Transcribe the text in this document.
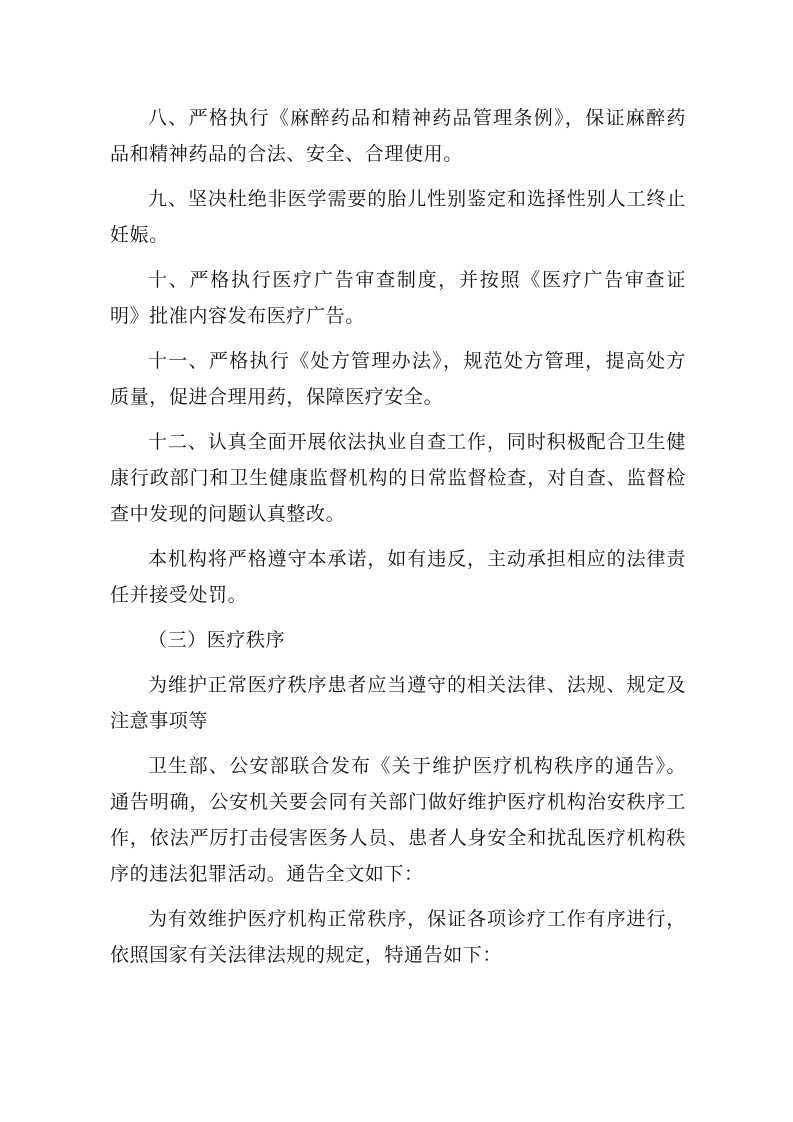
八、严格执行《麻醉药品和精神药品管理条例》，保证麻醉药品和精神药品的合法、安全、合理使用。

九、坚决杜绝非医学需要的胎儿性别鉴定和选择性别人工终止妊娠。

十、严格执行医疗广告审查制度，并按照《医疗广告审查证明》批准内容发布医疗广告。

十一、严格执行《处方管理办法》，规范处方管理，提高处方质量，促进合理用药，保障医疗安全。

十二、认真全面开展依法执业自查工作，同时积极配合卫生健康行政部门和卫生健康监督机构的日常监督检查，对自查、监督检查中发现的问题认真整改。

本机构将严格遵守本承诺，如有违反，主动承担相应的法律责任并接受处罚。

（三）医疗秩序

为维护正常医疗秩序患者应当遵守的相关法律、法规、规定及注意事项等

卫生部、公安部联合发布《关于维护医疗机构秩序的通告》。通告明确，公安机关要会同有关部门做好维护医疗机构治安秩序工作，依法严厉打击侵害医务人员、患者人身安全和扰乱医疗机构秩序的违法犯罪活动。通告全文如下：

为有效维护医疗机构正常秩序，保证各项诊疗工作有序进行，依照国家有关法律法规的规定，特通告如下：
